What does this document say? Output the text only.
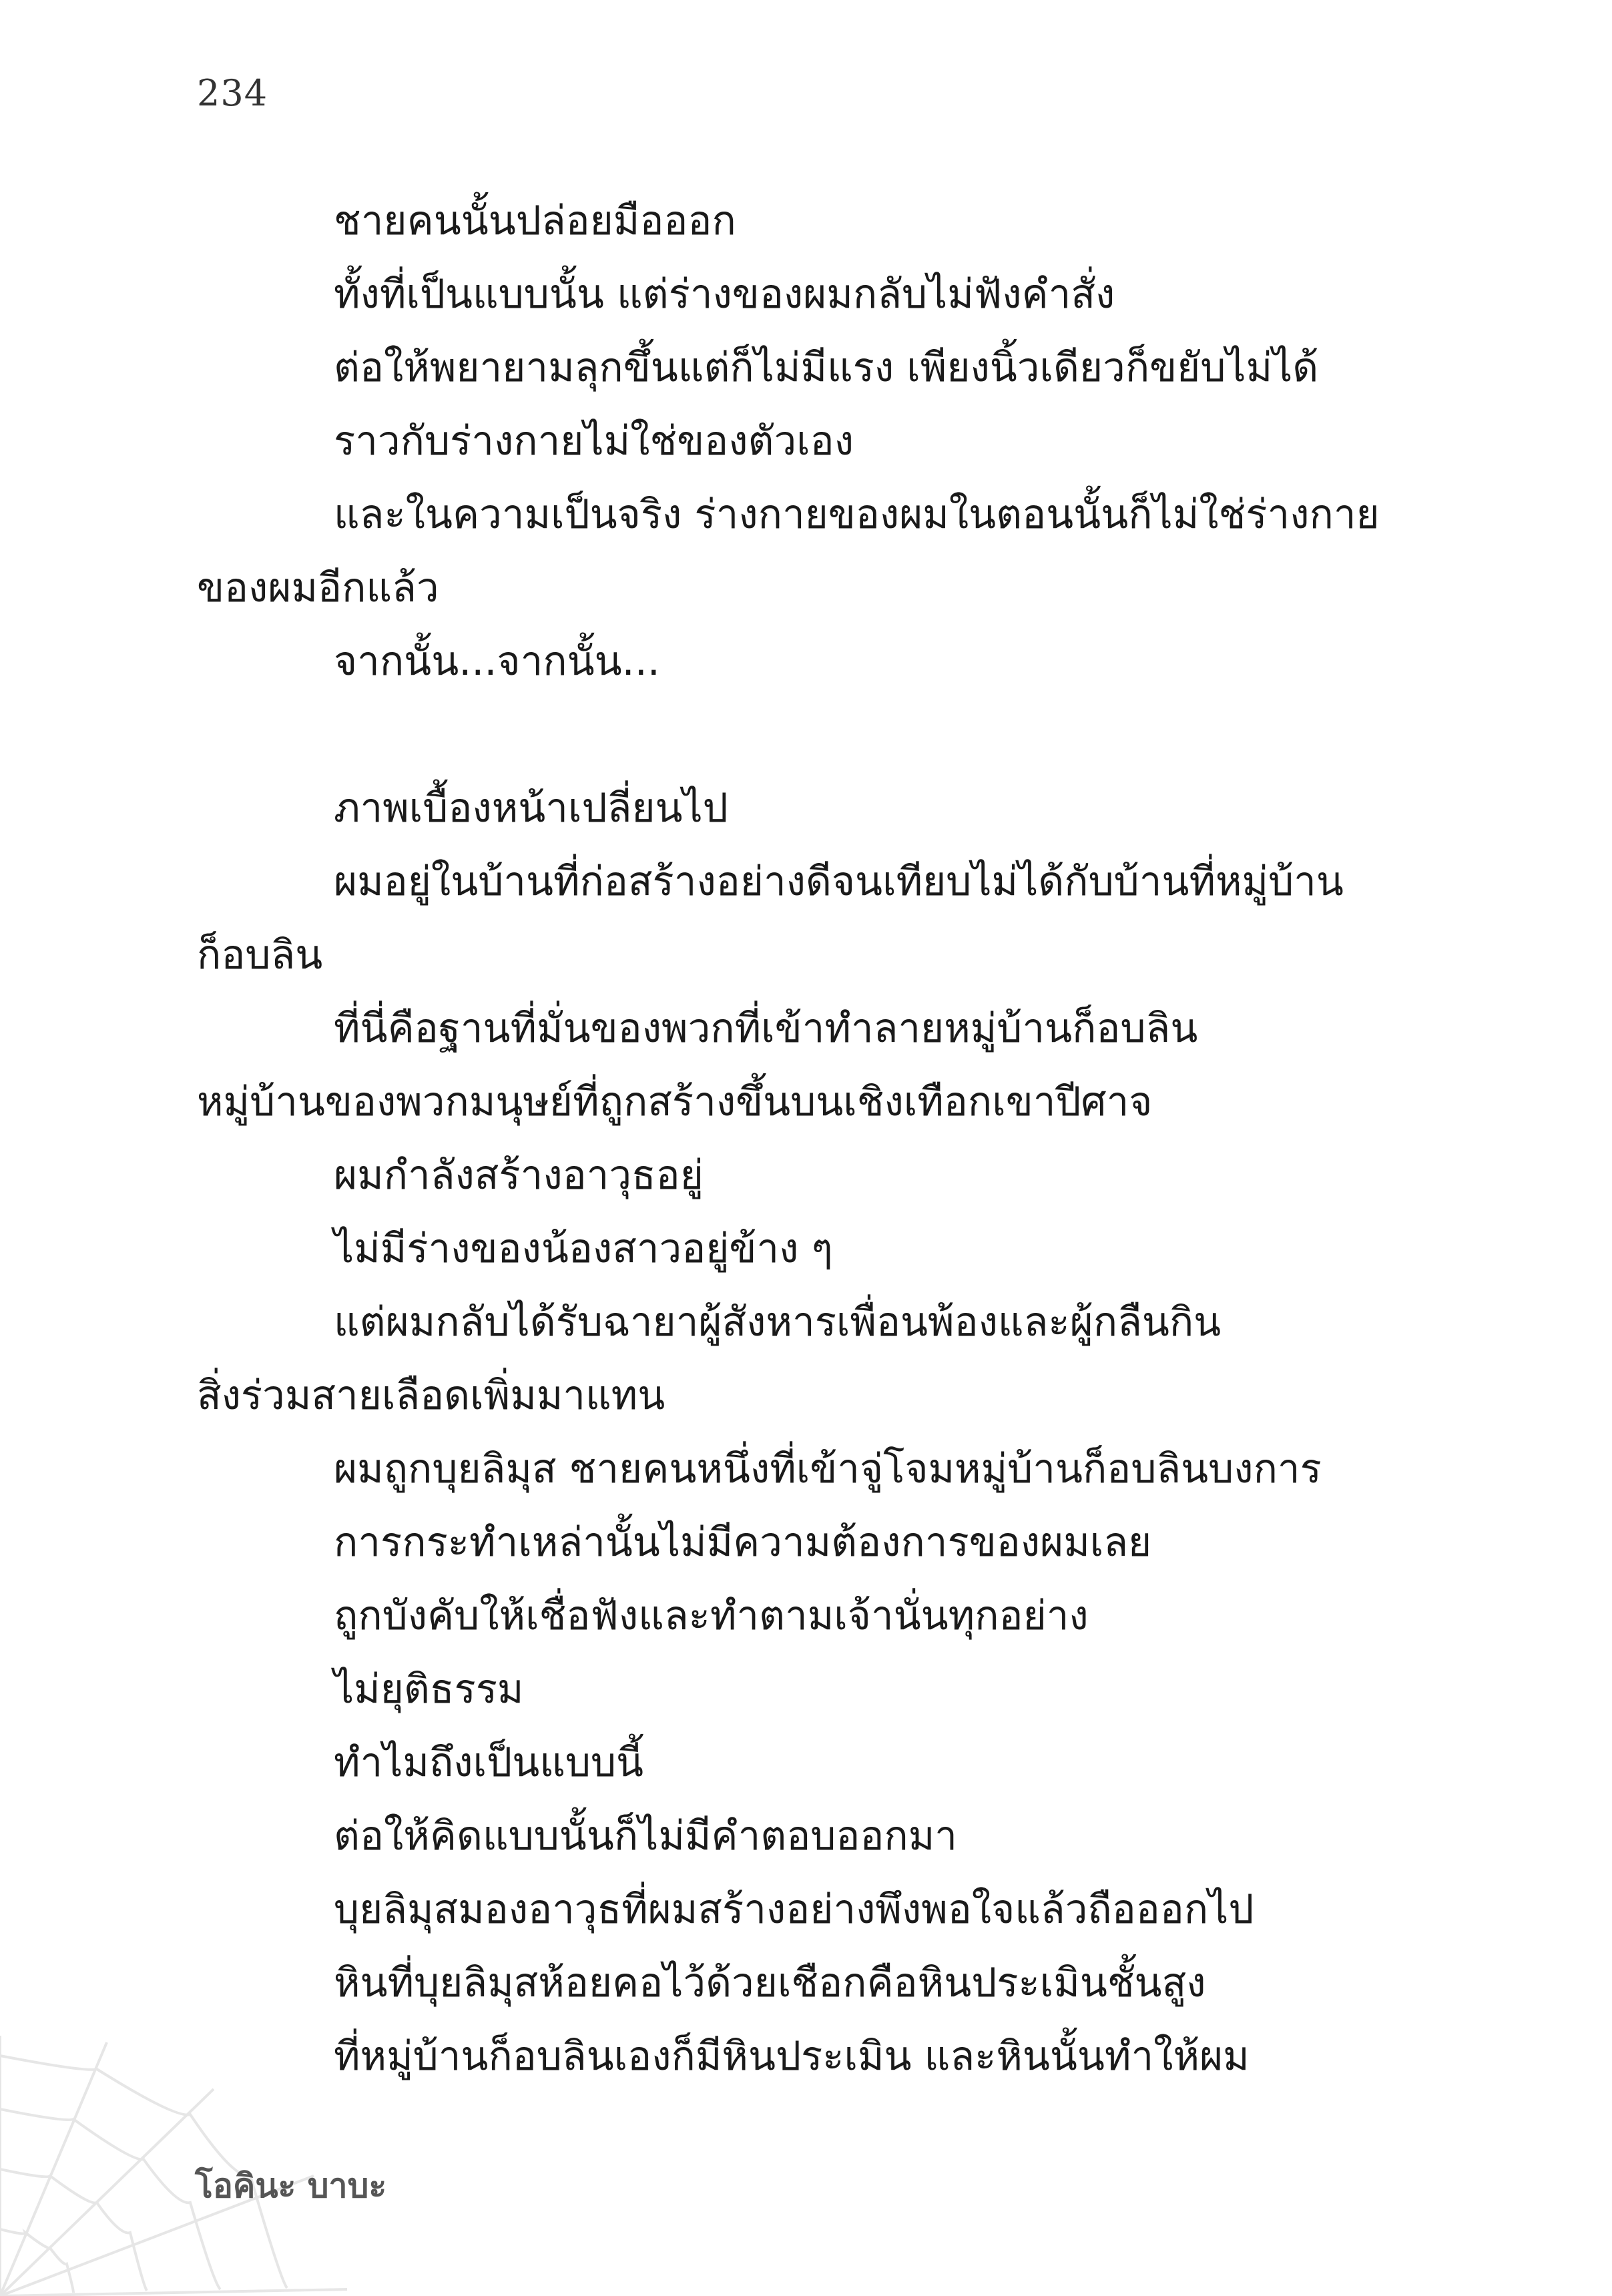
234

ชายคนนั้นปล่อยมือออก

ทั้งที่เป็นแบบนั้น แต่ร่างของผมกลับไม่ฟังคำสั่ง

ต่อให้พยายามลุกขึ้นแต่ก็ไม่มีแรง เพียงนิ้วเดียวก็ขยับไม่ได้

ราวกับร่างกายไม่ใช่ของตัวเอง

และในความเป็นจริง ร่างกายของผมในตอนนั้นก็ไม่ใช่ร่างกาย

ของผมอีกแล้ว

จากนั้น...จากนั้น...

ภาพเบื้องหน้าเปลี่ยนไป

ผมอยู่ในบ้านที่ก่อสร้างอย่างดีจนเทียบไม่ได้กับบ้านที่หมู่บ้าน

ก็อบลิน

ที่นี่คือฐานที่มั่นของพวกที่เข้าทำลายหมู่บ้านก็อบลิน

หมู่บ้านของพวกมนุษย์ที่ถูกสร้างขึ้นบนเชิงเทือกเขาปีศาจ

ผมกำลังสร้างอาวุธอยู่

ไม่มีร่างของน้องสาวอยู่ข้าง ๆ

แต่ผมกลับได้รับฉายาผู้สังหารเพื่อนพ้องและผู้กลืนกิน

สิ่งร่วมสายเลือดเพิ่มมาแทน

ผมถูกบุยลิมุส ชายคนหนึ่งที่เข้าจู่โจมหมู่บ้านก็อบลินบงการ

การกระทำเหล่านั้นไม่มีความต้องการของผมเลย

ถูกบังคับให้เชื่อฟังและทำตามเจ้านั่นทุกอย่าง

ไม่ยุติธรรม

ทำไมถึงเป็นแบบนี้

ต่อให้คิดแบบนั้นก็ไม่มีคำตอบออกมา

บุยลิมุสมองอาวุธที่ผมสร้างอย่างพึงพอใจแล้วถือออกไป

หินที่บุยลิมุสห้อยคอไว้ด้วยเชือกคือหินประเมินชั้นสูง

ที่หมู่บ้านก็อบลินเองก็มีหินประเมิน และหินนั้นทำให้ผม

โอคินะ บาบะ
